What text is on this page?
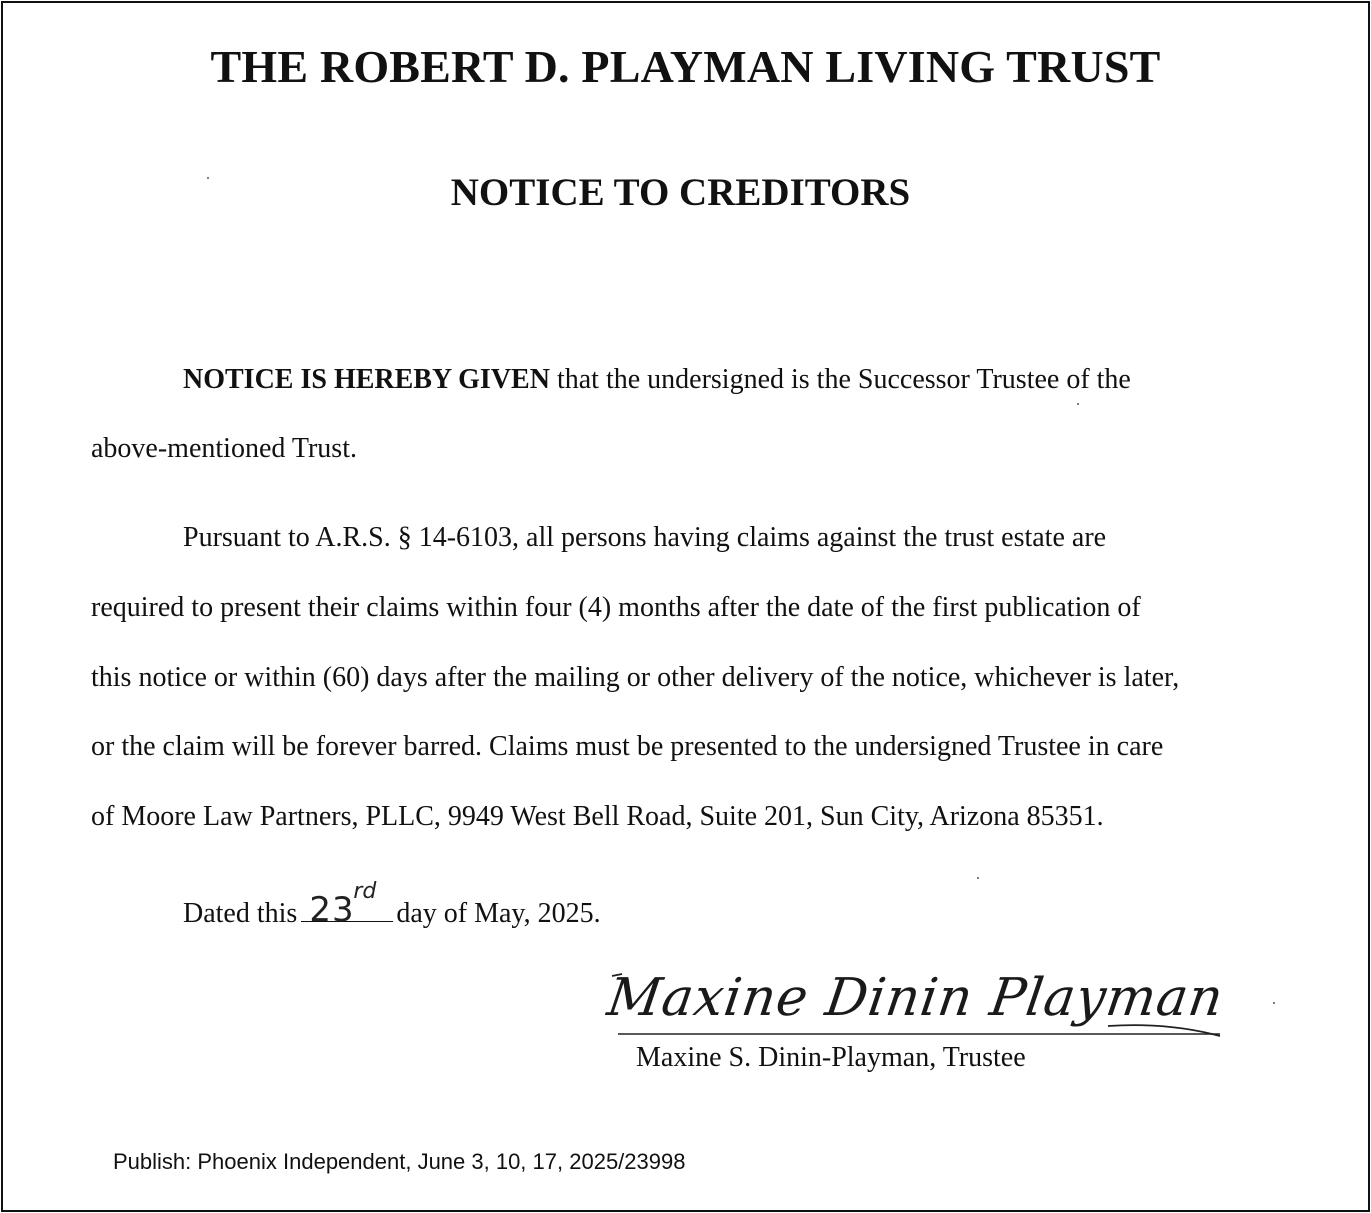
THE ROBERT D. PLAYMAN LIVING TRUST
NOTICE TO CREDITORS

NOTICE IS HEREBY GIVEN that the undersigned is the Successor Trustee of the

above-mentioned Trust.

Pursuant to A.R.S. § 14-6103, all persons having claims against the trust estate are

required to present their claims within four (4) months after the date of the first publication of

this notice or within (60) days after the mailing or other delivery of the notice, whichever is later,

or the claim will be forever barred. Claims must be presented to the undersigned Trustee in care

of Moore Law Partners, PLLC, 9949 West Bell Road, Suite 201, Sun City, Arizona 85351.

Dated this 23
rd
day of May, 2025.

Maxine Dinin Playman

Maxine S. Dinin-Playman, Trustee

Publish: Phoenix Independent, June 3, 10, 17, 2025/23998
